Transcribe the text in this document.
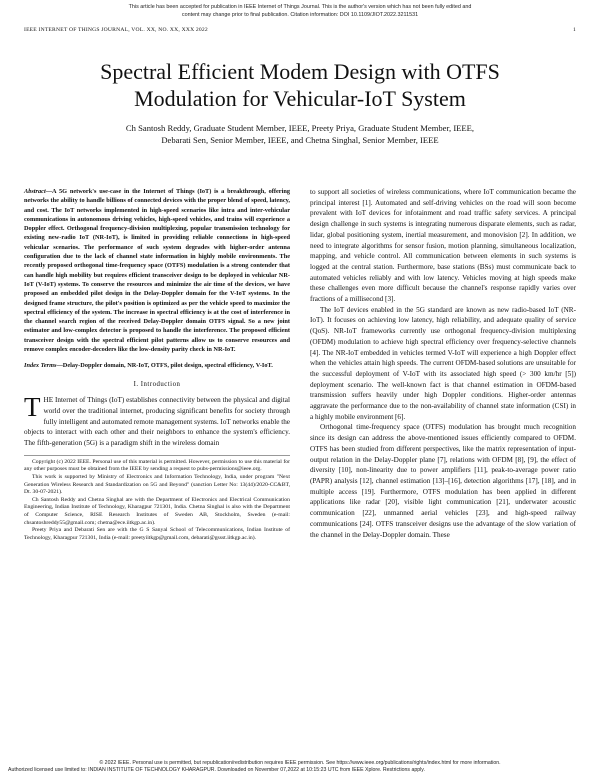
This article has been accepted for publication in IEEE Internet of Things Journal. This is the author's version which has not been fully edited and
content may change prior to final publication. Citation information: DOI 10.1109/JIOT.2022.3211531
IEEE INTERNET OF THINGS JOURNAL, VOL. XX, NO. XX, XXX 2022	1
Spectral Efficient Modem Design with OTFS
Modulation for Vehicular-IoT System
Ch Santosh Reddy, Graduate Student Member, IEEE, Preety Priya, Graduate Student Member, IEEE,
Debarati Sen, Senior Member, IEEE, and Chetna Singhal, Senior Member, IEEE
Abstract—A 5G network's use-case in the Internet of Things (IoT) is a breakthrough, offering networks the ability to handle billions of connected devices with the proper blend of speed, latency, and cost. The IoT networks implemented in high-speed scenarios like intra and inter-vehicular communications in autonomous driving vehicles, high-speed vehicles, and trains will experience a Doppler effect. Orthogonal frequency-division multiplexing, popular transmission technology for existing new-radio IoT (NR-IoT), is limited in providing reliable connections in high-speed vehicular scenarios. The performance of such system degrades with higher-order antenna configuration due to the lack of channel state information in highly mobile environments. The recently proposed orthogonal time-frequency space (OTFS) modulation is a strong contender that can handle high mobility but requires efficient transceiver design to be deployed in vehicular NR-IoT (V-IoT) systems. To conserve the resources and minimize the air time of the devices, we have proposed an embedded pilot design in the Delay-Doppler domain for the V-IoT systems. In the designed frame structure, the pilot's position is optimized as per the vehicle speed to maximize the spectral efficiency of the system. The increase in spectral efficiency is at the cost of interference in the channel search region of the received Delay-Doppler domain OTFS signal. So a new joint estimator and low-complex detector is proposed to handle the interference. The proposed efficient transceiver design with the spectral efficient pilot patterns allow us to conserve resources and remove complex encoder-decoders like the low-density parity check in NR-IoT.
Index Terms—Delay-Doppler domain, NR-IoT, OTFS, pilot design, spectral efficiency, V-IoT.
I. Introduction

THE Internet of Things (IoT) establishes connectivity between the physical and digital world over the traditional internet, producing significant benefits for society through fully intelligent and automated remote management systems. IoT networks enable the objects to interact with each other and their neighbors to enhance the system's efficiency. The fifth-generation (5G) is a paradigm shift in the wireless domain

Copyright (c) 2022 IEEE. Personal use of this material is permitted. However, permission to use this material for any other purposes must be obtained from the IEEE by sending a request to pubs-permissions@ieee.org.

This work is supported by Ministry of Electronics and Information Technology, India, under program "Next Generation Wireless Research and Standardization on 5G and Beyond" (sanction Letter No: 13(44)/2020-CC&BT, Dt. 30-07-2021).

Ch Santosh Reddy and Chetna Singhal are with the Department of Electronics and Electrical Communication Engineering, Indian Institute of Technology, Kharagpur 721301, India. Chetna Singhal is also with the Department of Computer Science, RISE Research Institutes of Sweden AB, Stockholm, Sweden (e-mail: chsantoshreddy55@gmail.com; chetna@ece.iitkgp.ac.in).

Preety Priya and Debarati Sen are with the G S Sanyal School of Telecommunications, Indian Institute of Technology, Kharagpur 721301, India (e-mail: preetyiitkgp@gmail.com, debarati@gssst.iitkgp.ac.in).

to support all societies of wireless communications, where IoT communication became the principal interest [1]. Automated and self-driving vehicles on the road will soon become prevalent with IoT devices for infotainment and road traffic safety services. A principal design challenge in such systems is integrating numerous disparate elements, such as radar, lidar, global positioning system, inertial measurement, and monovision [2]. In addition, we need to integrate algorithms for sensor fusion, motion planning, simultaneous localization, mapping, and vehicle control. All communication between elements in such systems is logged at the central station. Furthermore, base stations (BSs) must communicate back to automated vehicles reliably and with low latency. Vehicles moving at high speeds make these challenges even more difficult because the channel's response rapidly varies over fractions of a millisecond [3].

The IoT devices enabled in the 5G standard are known as new radio-based IoT (NR-IoT). It focuses on achieving low latency, high reliability, and adequate quality of service (QoS). NR-IoT frameworks currently use orthogonal frequency-division multiplexing (OFDM) modulation to achieve high spectral efficiency over frequency-selective channels [4]. The NR-IoT embedded in vehicles termed V-IoT will experience a high Doppler effect when the vehicles attain high speeds. The current OFDM-based solutions are unsuitable for the successful deployment of V-IoT with its associated high speed (> 300 km/hr [5]) deployment scenario. The well-known fact is that channel estimation in OFDM-based transmission suffers heavily under high Doppler conditions. Higher-order antennas aggravate the performance due to the non-availability of channel state information (CSI) in a highly mobile environment [6].

Orthogonal time-frequency space (OTFS) modulation has brought much recognition since its design can address the above-mentioned issues efficiently compared to OFDM. OTFS has been studied from different perspectives, like the matrix representation of input-output relation in the Delay-Doppler plane [7], relations with OFDM [8], [9], the effect of diversity [10], non-linearity due to power amplifiers [11], peak-to-average power ratio (PAPR) analysis [12], channel estimation [13]–[16], detection algorithms [17], [18], and in multiple access [19]. Furthermore, OTFS modulation has been applied in different applications like radar [20], visible light communication [21], underwater acoustic communication [22], unmanned aerial vehicles [23], and high-speed railway communications [24]. OTFS transceiver designs use the advantage of the slow variation of the channel in the Delay-Doppler domain. These

© 2022 IEEE. Personal use is permitted, but republication/redistribution requires IEEE permission. See https://www.ieee.org/publications/rights/index.html for more information.
Authorized licensed use limited to: INDIAN INSTITUTE OF TECHNOLOGY KHARAGPUR. Downloaded on November 07,2022 at 10:15:23 UTC from IEEE Xplore. Restrictions apply.
